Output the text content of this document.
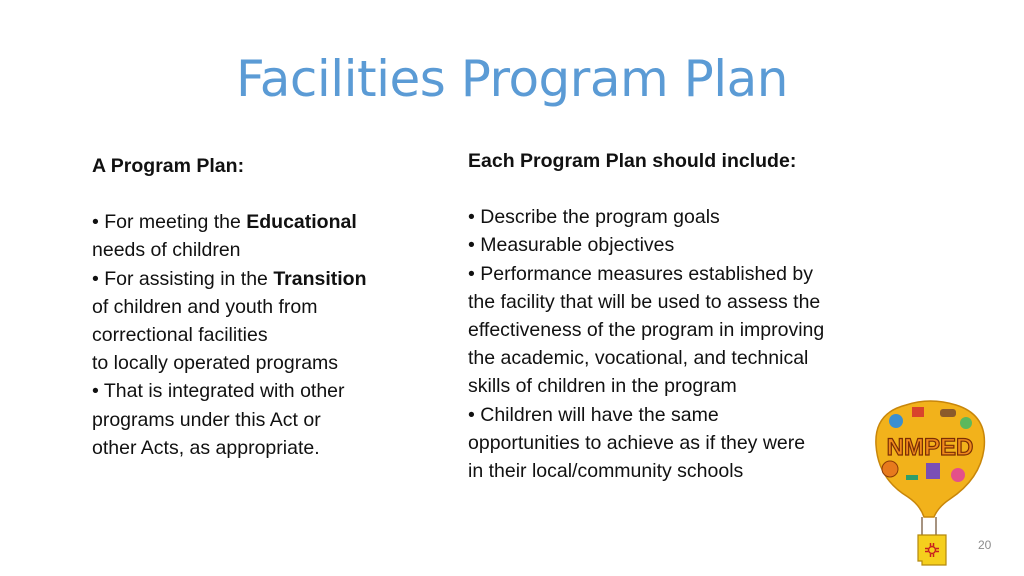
Facilities Program Plan
A Program Plan:
• For meeting the Educational
needs of children
• For assisting in the Transition
of children and youth from
correctional facilities
to locally operated programs
• That is integrated with other
programs under this Act or
other Acts, as appropriate.
Each Program Plan should include:
• Describe the program goals
• Measurable objectives
• Performance measures established by
the facility that will be used to assess the
effectiveness of the program in improving
the academic, vocational, and technical
skills of children in the program
• Children will have the same
opportunities to achieve as if they were
in their local/community schools
NMPED
20
